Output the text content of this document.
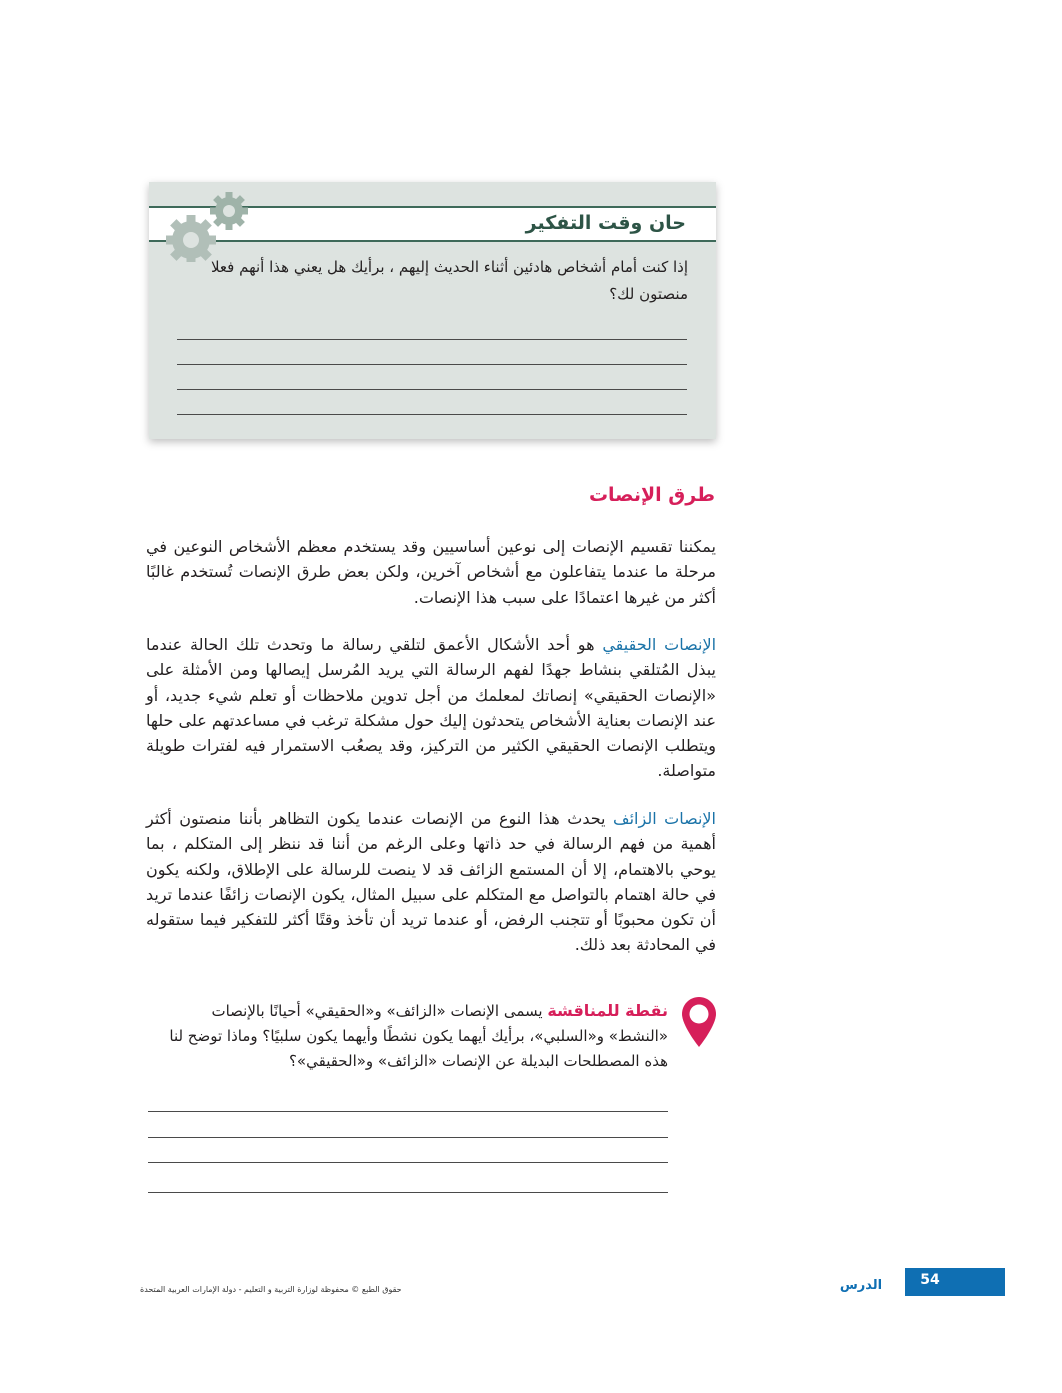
حان وقت التفكير
إذا كنت أمام أشخاص هادئين أثناء الحديث إليهم ، برأيك هل يعني هذا أنهم فعلا منصتون لك؟
طرق الإنصات
يمكننا تقسيم الإنصات إلى نوعين أساسيين وقد يستخدم معظم الأشخاص النوعين في مرحلة ما عندما يتفاعلون مع أشخاص آخرين، ولكن بعض طرق الإنصات تُستخدم غالبًا أكثر من غيرها اعتمادًا على سبب هذا الإنصات.
الإنصات الحقيقي هو أحد الأشكال الأعمق لتلقي رسالة ما وتحدث تلك الحالة عندما يبذل المُتلقي بنشاط جهدًا لفهم الرسالة التي يريد المُرسل إيصالها ومن الأمثلة على «الإنصات الحقيقي» إنصاتك لمعلمك من أجل تدوين ملاحظات أو تعلم شيء جديد، أو عند الإنصات بعناية الأشخاص يتحدثون إليك حول مشكلة ترغب في مساعدتهم على حلها ويتطلب الإنصات الحقيقي الكثير من التركيز، وقد يصعُب الاستمرار فيه لفترات طويلة متواصلة.
الإنصات الزائف يحدث هذا النوع من الإنصات عندما يكون التظاهر بأننا منصتون أكثر أهمية من فهم الرسالة في حد ذاتها وعلى الرغم من أننا قد ننظر إلى المتكلم ، بما يوحي بالاهتمام، إلا أن المستمع الزائف قد لا ينصت للرسالة على الإطلاق، ولكنه يكون في حالة اهتمام بالتواصل مع المتكلم على سبيل المثال، يكون الإنصات زائفًا عندما تريد أن تكون محبوبًا أو تتجنب الرفض، أو عندما تريد أن تأخذ وقتًا أكثر للتفكير فيما ستقوله في المحادثة بعد ذلك.
نقطة للمناقشة يسمى الإنصات «الزائف» و«الحقيقي» أحيانًا بالإنصات «النشط» و«السلبي»، برأيك أيهما يكون نشطًا وأيهما يكون سلبيًا؟ وماذا توضح لنا هذه المصطلحات البديلة عن الإنصات «الزائف» و«الحقيقي»؟
54
الدرس
حقوق الطبع © محفوظة لوزارة التربية و التعليم - دولة الإمارات العربية المتحدة
